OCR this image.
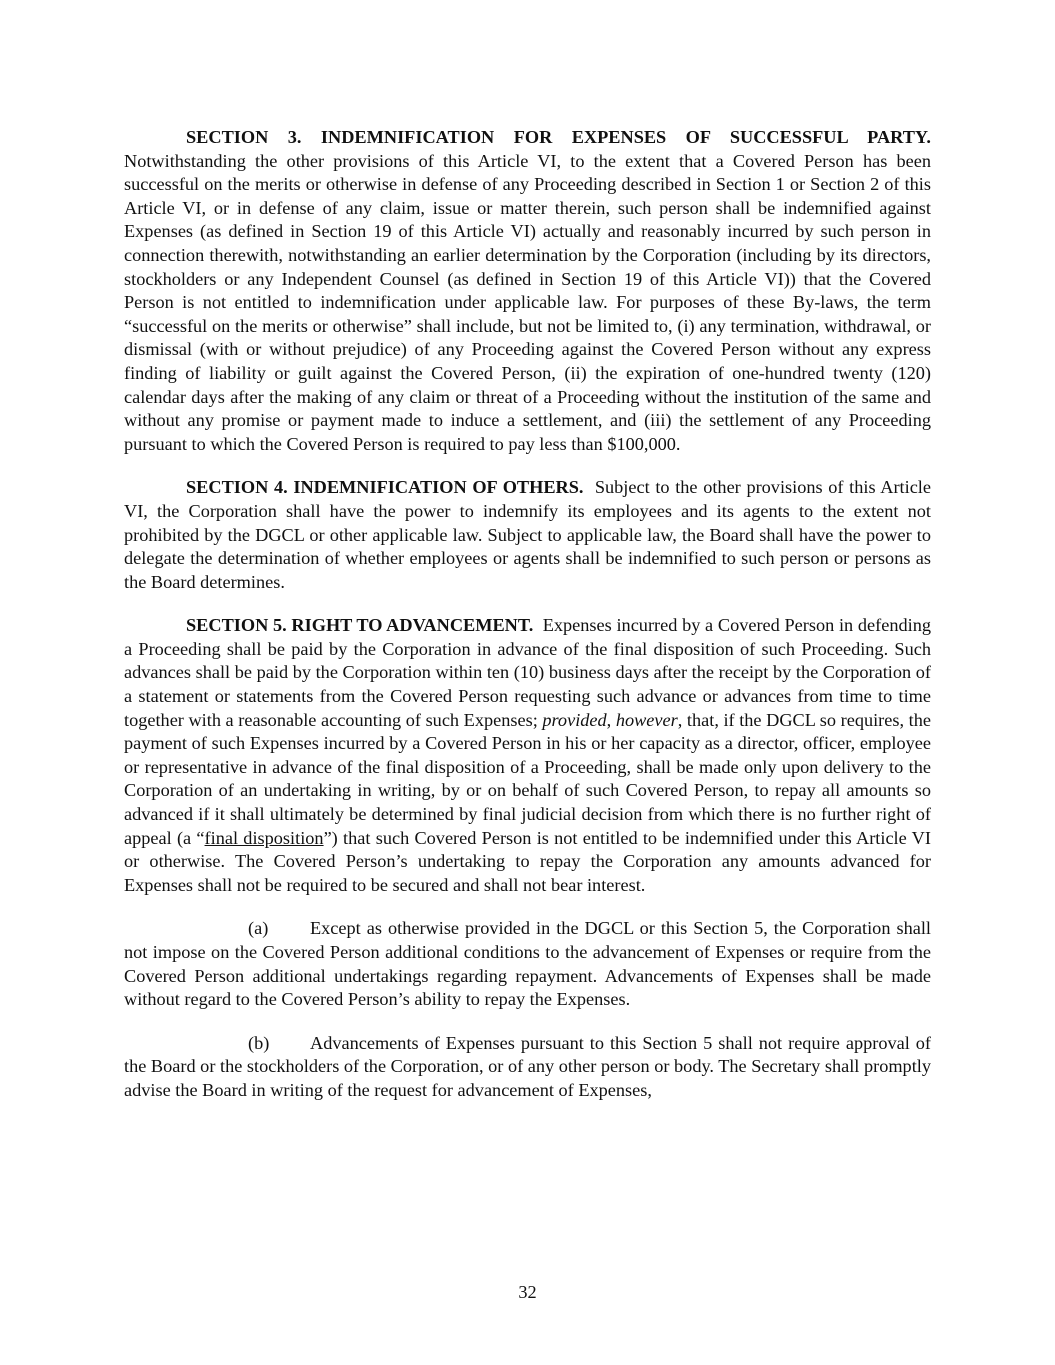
SECTION 3. INDEMNIFICATION FOR EXPENSES OF SUCCESSFUL PARTY. Notwithstanding the other provisions of this Article VI, to the extent that a Covered Person has been successful on the merits or otherwise in defense of any Proceeding described in Section 1 or Section 2 of this Article VI, or in defense of any claim, issue or matter therein, such person shall be indemnified against Expenses (as defined in Section 19 of this Article VI) actually and reasonably incurred by such person in connection therewith, notwithstanding an earlier determination by the Corporation (including by its directors, stockholders or any Independent Counsel (as defined in Section 19 of this Article VI)) that the Covered Person is not entitled to indemnification under applicable law. For purposes of these By-laws, the term “successful on the merits or otherwise” shall include, but not be limited to, (i) any termination, withdrawal, or dismissal (with or without prejudice) of any Proceeding against the Covered Person without any express finding of liability or guilt against the Covered Person, (ii) the expiration of one-hundred twenty (120) calendar days after the making of any claim or threat of a Proceeding without the institution of the same and without any promise or payment made to induce a settlement, and (iii) the settlement of any Proceeding pursuant to which the Covered Person is required to pay less than $100,000.

SECTION 4. INDEMNIFICATION OF OTHERS. Subject to the other provisions of this Article VI, the Corporation shall have the power to indemnify its employees and its agents to the extent not prohibited by the DGCL or other applicable law. Subject to applicable law, the Board shall have the power to delegate the determination of whether employees or agents shall be indemnified to such person or persons as the Board determines.

SECTION 5. RIGHT TO ADVANCEMENT. Expenses incurred by a Covered Person in defending a Proceeding shall be paid by the Corporation in advance of the final disposition of such Proceeding. Such advances shall be paid by the Corporation within ten (10) business days after the receipt by the Corporation of a statement or statements from the Covered Person requesting such advance or advances from time to time together with a reasonable accounting of such Expenses; provided, however, that, if the DGCL so requires, the payment of such Expenses incurred by a Covered Person in his or her capacity as a director, officer, employee or representative in advance of the final disposition of a Proceeding, shall be made only upon delivery to the Corporation of an undertaking in writing, by or on behalf of such Covered Person, to repay all amounts so advanced if it shall ultimately be determined by final judicial decision from which there is no further right of appeal (a “final disposition”) that such Covered Person is not entitled to be indemnified under this Article VI or otherwise. The Covered Person’s undertaking to repay the Corporation any amounts advanced for Expenses shall not be required to be secured and shall not bear interest.

(a) Except as otherwise provided in the DGCL or this Section 5, the Corporation shall not impose on the Covered Person additional conditions to the advancement of Expenses or require from the Covered Person additional undertakings regarding repayment. Advancements of Expenses shall be made without regard to the Covered Person’s ability to repay the Expenses.

(b) Advancements of Expenses pursuant to this Section 5 shall not require approval of the Board or the stockholders of the Corporation, or of any other person or body. The Secretary shall promptly advise the Board in writing of the request for advancement of Expenses,

32
